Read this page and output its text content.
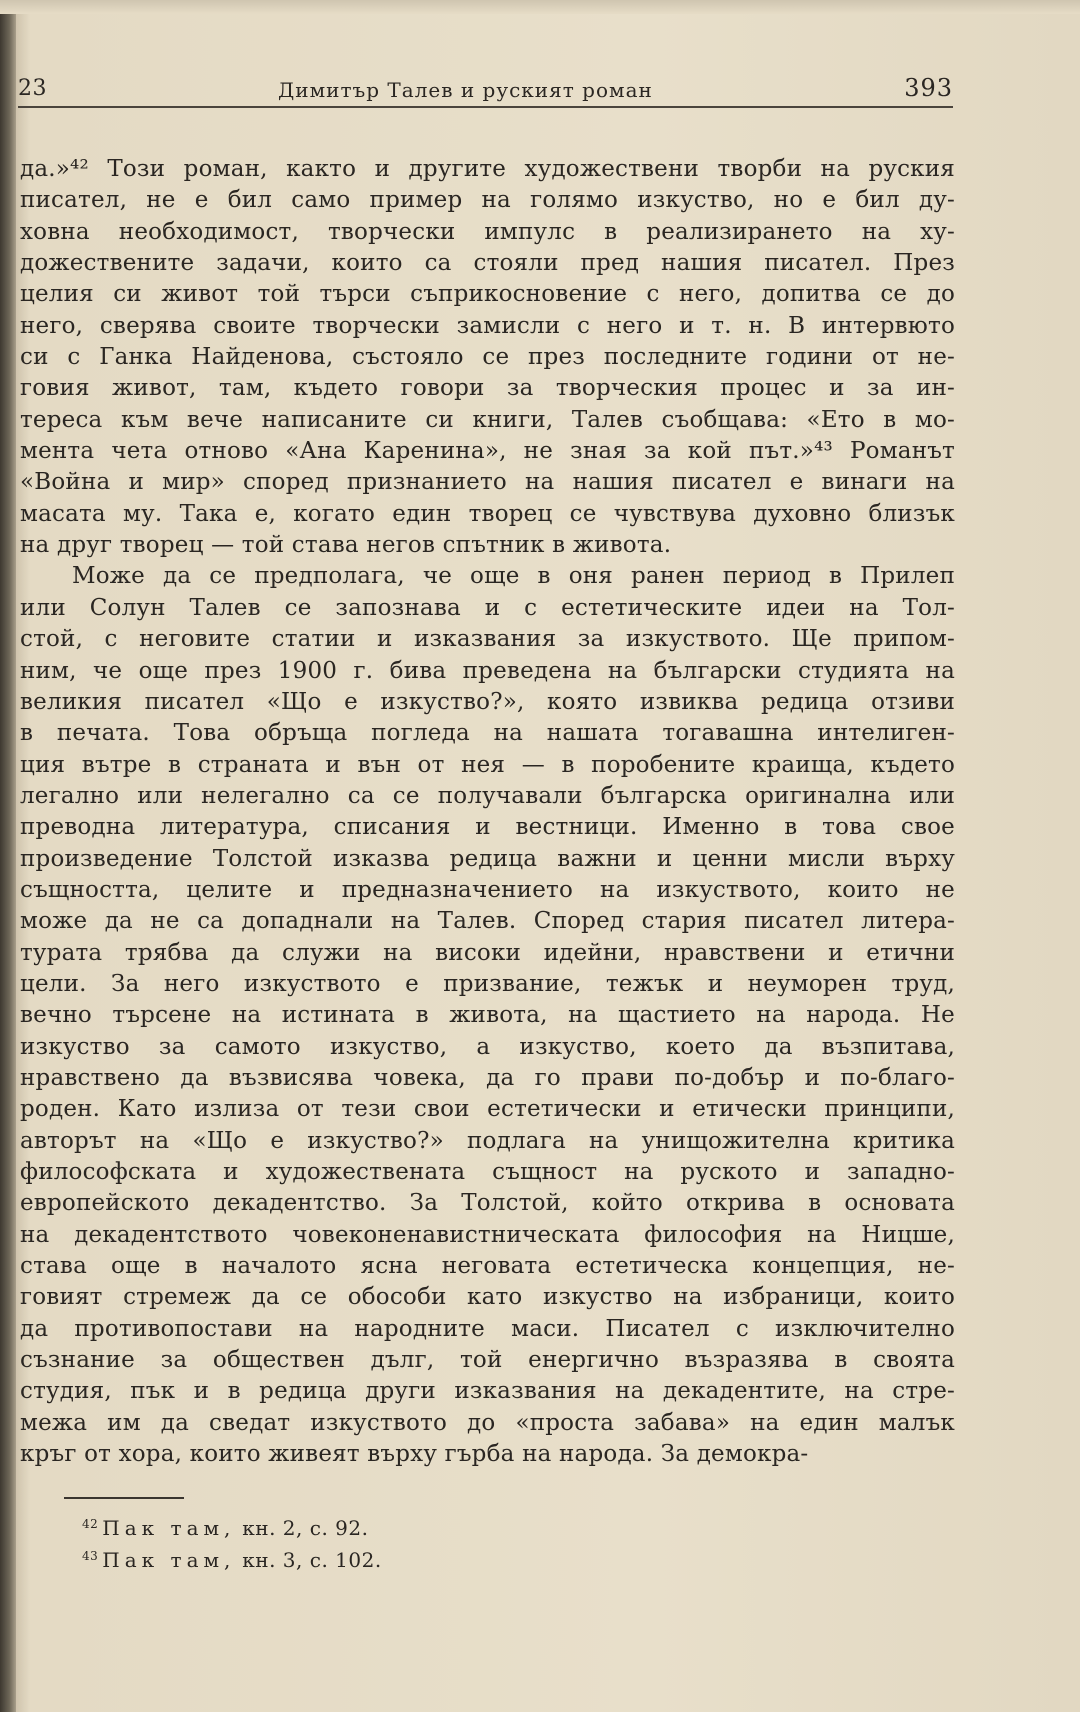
23	Димитър Талев и руският роман	393
да.»⁴² Този роман, както и другите художествени творби на руския
писател, не е бил само пример на голямо изкуство, но е бил ду-
ховна необходимост, творчески импулс в реализирането на ху-
дожествените задачи, които са стояли пред нашия писател. През
целия си живот той търси съприкосновение с него, допитва се до
него, сверява своите творчески замисли с него и т. н. В интервюто
си с Ганка Найденова, състояло се през последните години от не-
говия живот, там, където говори за творческия процес и за ин-
тереса към вече написаните си книги, Талев съобщава: «Ето в мо-
мента чета отново «Ана Каренина», не зная за кой път.»⁴³ Романът
«Война и мир» според признанието на нашия писател е винаги на
масата му. Така е, когато един творец се чувствува духовно близък
на друг творец — той става негов спътник в живота.
Може да се предполага, че още в оня ранен период в Прилеп
или Солун Талев се запознава и с естетическите идеи на Тол-
стой, с неговите статии и изказвания за изкуството. Ще припом-
ним, че още през 1900 г. бива преведена на български студията на
великия писател «Що е изкуство?», която извиква редица отзиви
в печата. Това обръща погледа на нашата тогавашна интелиген-
ция вътре в страната и вън от нея — в поробените краища, където
легално или нелегално са се получавали българска оригинална или
преводна литература, списания и вестници. Именно в това свое
произведение Толстой изказва редица важни и ценни мисли върху
същността, целите и предназначението на изкуството, които не
може да не са допаднали на Талев. Според стария писател литера-
турата трябва да служи на високи идейни, нравствени и етични
цели. За него изкуството е призвание, тежък и неуморен труд,
вечно търсене на истината в живота, на щастието на народа. Не
изкуство за самото изкуство, а изкуство, което да възпитава,
нравствено да възвисява човека, да го прави по-добър и по-благо-
роден. Като излиза от тези свои естетически и етически принципи,
авторът на «Що е изкуство?» подлага на унищожителна критика
философската и художествената същност на руското и западно-
европейското декадентство. За Толстой, който открива в основата
на декадентството човеконенавистническата философия на Ницше,
става още в началото ясна неговата естетическа концепция, не-
говият стремеж да се обособи като изкуство на избраници, които
да противопостави на народните маси. Писател с изключително
съзнание за обществен дълг, той енергично възразява в своята
студия, пък и в редица други изказвания на декадентите, на стре-
межа им да сведат изкуството до «проста забава» на един малък
кръг от хора, които живеят върху гърба на народа. За демокра-
$^{42}$ Пак там, кн. 2, с. 92.
$^{43}$ Пак там, кн. 3, с. 102.
